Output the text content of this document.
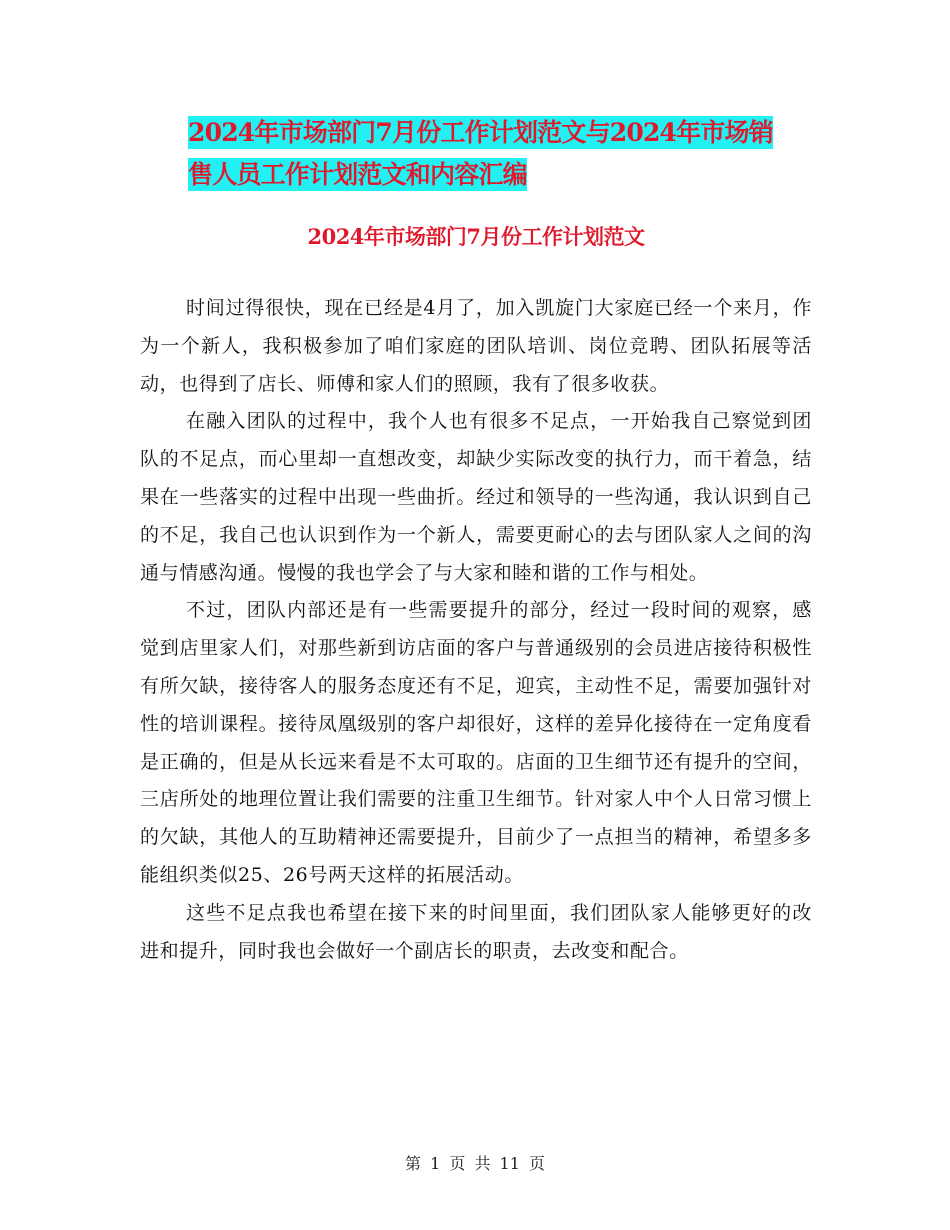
2024年市场部门7月份工作计划范文与2024年市场销
售人员工作计划范文和内容汇编
2024年市场部门7月份工作计划范文

时间过得很快，现在已经是4月了，加入凯旋门大家庭已经一个来月，作为一个新人，我积极参加了咱们家庭的团队培训、岗位竞聘、团队拓展等活动，也得到了店长、师傅和家人们的照顾，我有了很多收获。

在融入团队的过程中，我个人也有很多不足点，一开始我自己察觉到团队的不足点，而心里却一直想改变，却缺少实际改变的执行力，而干着急，结果在一些落实的过程中出现一些曲折。经过和领导的一些沟通，我认识到自己的不足，我自己也认识到作为一个新人，需要更耐心的去与团队家人之间的沟通与情感沟通。慢慢的我也学会了与大家和睦和谐的工作与相处。

不过，团队内部还是有一些需要提升的部分，经过一段时间的观察，感觉到店里家人们，对那些新到访店面的客户与普通级别的会员进店接待积极性有所欠缺，接待客人的服务态度还有不足，迎宾，主动性不足，需要加强针对性的培训课程。接待凤凰级别的客户却很好，这样的差异化接待在一定角度看是正确的，但是从长远来看是不太可取的。店面的卫生细节还有提升的空间，三店所处的地理位置让我们需要的注重卫生细节。针对家人中个人日常习惯上的欠缺，其他人的互助精神还需要提升，目前少了一点担当的精神，希望多多能组织类似25、26号两天这样的拓展活动。

这些不足点我也希望在接下来的时间里面，我们团队家人能够更好的改进和提升，同时我也会做好一个副店长的职责，去改变和配合。

第 1 页 共 11 页
